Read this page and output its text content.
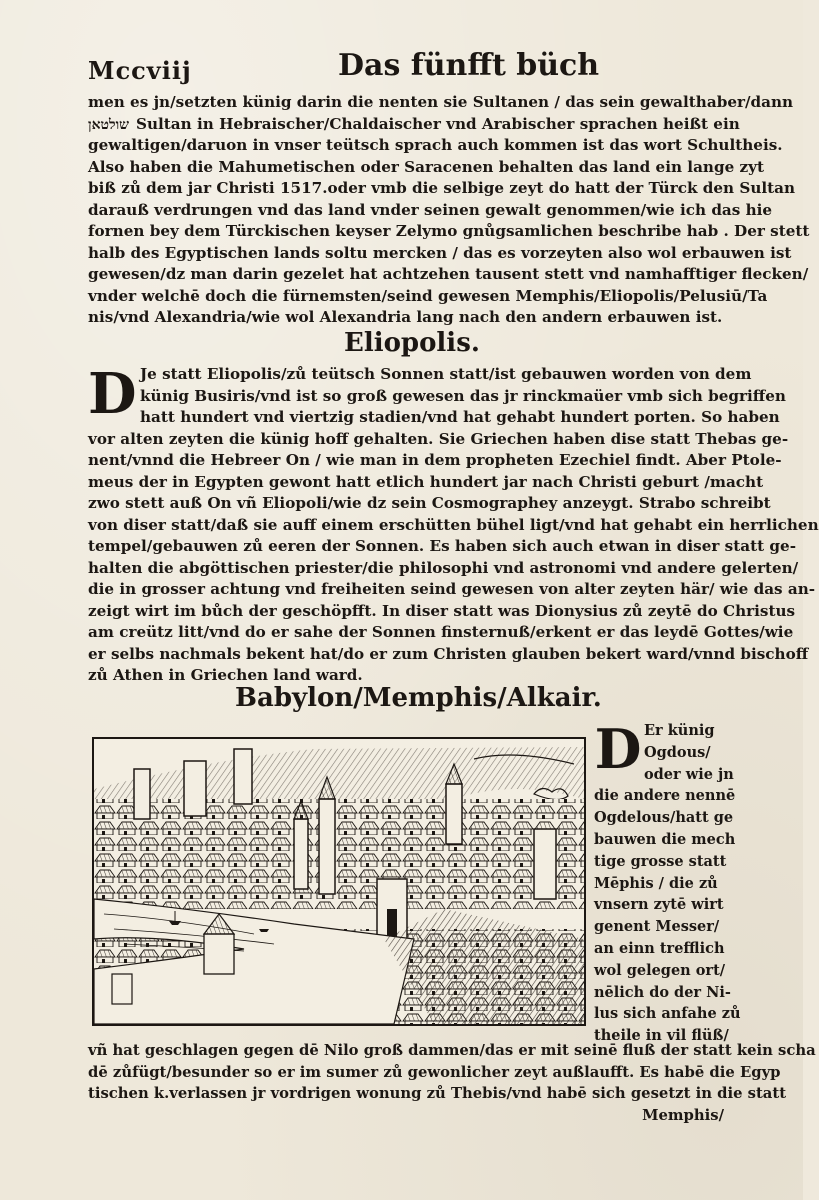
Mccviij	Das fünfft büch
men es jn/setzten künig darin die nenten sie Sultanen / das sein gewalthaber/dann
שולטאן Sultan in Hebraischer/Chaldaischer vnd Arabischer sprachen heißt ein
gewaltigen/daruon in vnser teütsch sprach auch kommen ist das wort Schultheis.
Also haben die Mahumetischen oder Saracenen behalten das land ein lange zyt
biß zů dem jar Christi 1517.oder vmb die selbige zeyt do hatt der Türck den Sultan
darauß verdrungen vnd das land vnder seinen gewalt genommen/wie ich das hie
fornen bey dem Türckischen keyser Zelymo gnůgsamlichen beschribe hab . Der stett
halb des Egyptischen lands soltu mercken / das es vorzeyten also wol erbauwen ist
gewesen/dz man darin gezelet hat achtzehen tausent stett vnd namhafftiger flecken/
vnder welchē doch die fürnemsten/seind gewesen Memphis/Eliopolis/Pelusiū/Ta
nis/vnd Alexandria/wie wol Alexandria lang nach den andern erbauwen ist.
Eliopolis.
D Je statt Eliopolis/zů teütsch Sonnen statt/ist gebauwen worden von dem
künig Busiris/vnd ist so groß gewesen das jr rinckmaüer vmb sich begriffen
hatt hundert vnd viertzig stadien/vnd hat gehabt hundert porten. So haben
vor alten zeyten die künig hoff gehalten. Sie Griechen haben dise statt Thebas ge-
nent/vnnd die Hebreer On / wie man in dem propheten Ezechiel findt. Aber Ptole-
meus der in Egypten gewont hatt etlich hundert jar nach Christi geburt /macht
zwo stett auß On vñ Eliopoli/wie dz sein Cosmographey anzeygt. Strabo schreibt
von diser statt/daß sie auff einem erschütten bühel ligt/vnd hat gehabt ein herrlichen
tempel/gebauwen zů eeren der Sonnen. Es haben sich auch etwan in diser statt ge-
halten die abgöttischen priester/die philosophi vnd astronomi vnd andere gelerten/
die in grosser achtung vnd freiheiten seind gewesen von alter zeyten här/ wie das an-
zeigt wirt im bůch der geschöpfft. In diser statt was Dionysius zů zeytē do Christus
am creütz litt/vnd do er sahe der Sonnen finsternuß/erkent er das leydē Gottes/wie
er selbs nachmals bekent hat/do er zum Christen glauben bekert ward/vnnd bischoff
zů Athen in Griechen land ward.
Babylon/Memphis/Alkair.
D Er künig
Ogdous/
oder wie jn
die andere nennē
Ogdelous/hatt ge
bauwen die mech
tige grosse statt
Mēphis / die zů
vnsern zytē wirt
genent Messer/
an einn trefflich
wol gelegen ort/
nēlich do der Ni-
lus sich anfahe zů
theile in vil flüß/
vñ hat geschlagen gegen dē Nilo groß dammen/das er mit seinē fluß der statt kein scha
dē zůfügt/besunder so er im sumer zů gewonlicher zeyt außlaufft. Es habē die Egyp
tischen k.verlassen jr vordrigen wonung zů Thebis/vnd habē sich gesetzt in die statt
Memphis/
